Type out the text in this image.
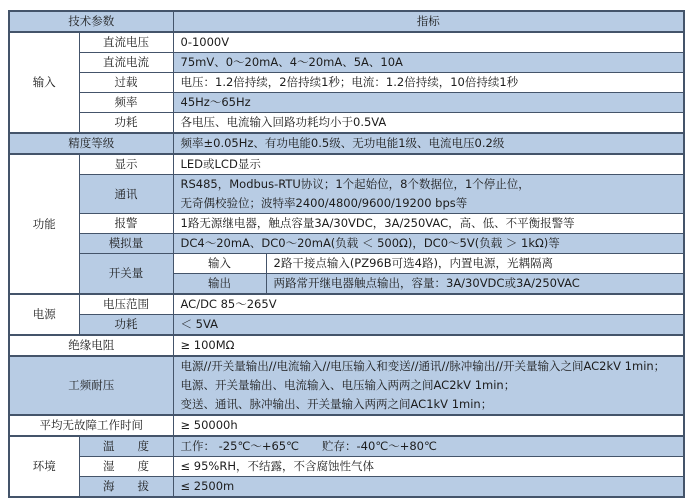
技术参数		指标	
输入	直流电压	0-1000V	
	直流电流	75mV、0～20mA、4～20mA、5A、10A	
	过载	电压：1.2倍持续，2倍持续1秒；电流：1.2倍持续，10倍持续1秒	
	频率	45Hz～65Hz	
	功耗	各电压、电流输入回路功耗均小于0.5VA	
精度等级		频率±0.05Hz、有功电能0.5级、无功电能1级、电流电压0.2级	
功能	显示	LED或LCD显示	
	通讯	RS485，Modbus-RTU协议；1个起始位，8个数据位，1个停止位，
无奇偶校验位；波特率2400/4800/9600/19200 bps等	

	报警	1路无源继电器，触点容量3A/30VDC，3A/250VAC，高、低、不平衡报警等	
	模拟量	DC4～20mA、DC0～20mA(负载 ＜ 500Ω)，DC0～5V(负载 ＞ 1kΩ)等	
	开关量	输入	2路干接点输入(PZ96B可选4路)，内置电源，光耦隔离
		输出	两路常开继电器触点输出，容量：3A/30VDC或3A/250VAC
电源	电压范围	AC/DC 85～265V	
	功耗	＜ 5VA	
绝缘电阻		≥ 100MΩ	
工频耐压		电源//开关量输出//电流输入//电压输入和变送//通讯//脉冲输出//开关量输入之间AC2kV 1min；
电源、开关量输出、电流输入、电压输入两两之间AC2kV 1min；
变送、通讯、脉冲输出、开关量输入两两之间AC1kV 1min；	

平均无故障工作时间		≥ 50000h	
环境	温　　度	工作： -25℃～+65℃　　贮存：-40℃～+80℃	
	湿　　度	≤ 95%RH，不结露，不含腐蚀性气体	
	海　　拔	≤ 2500m	
